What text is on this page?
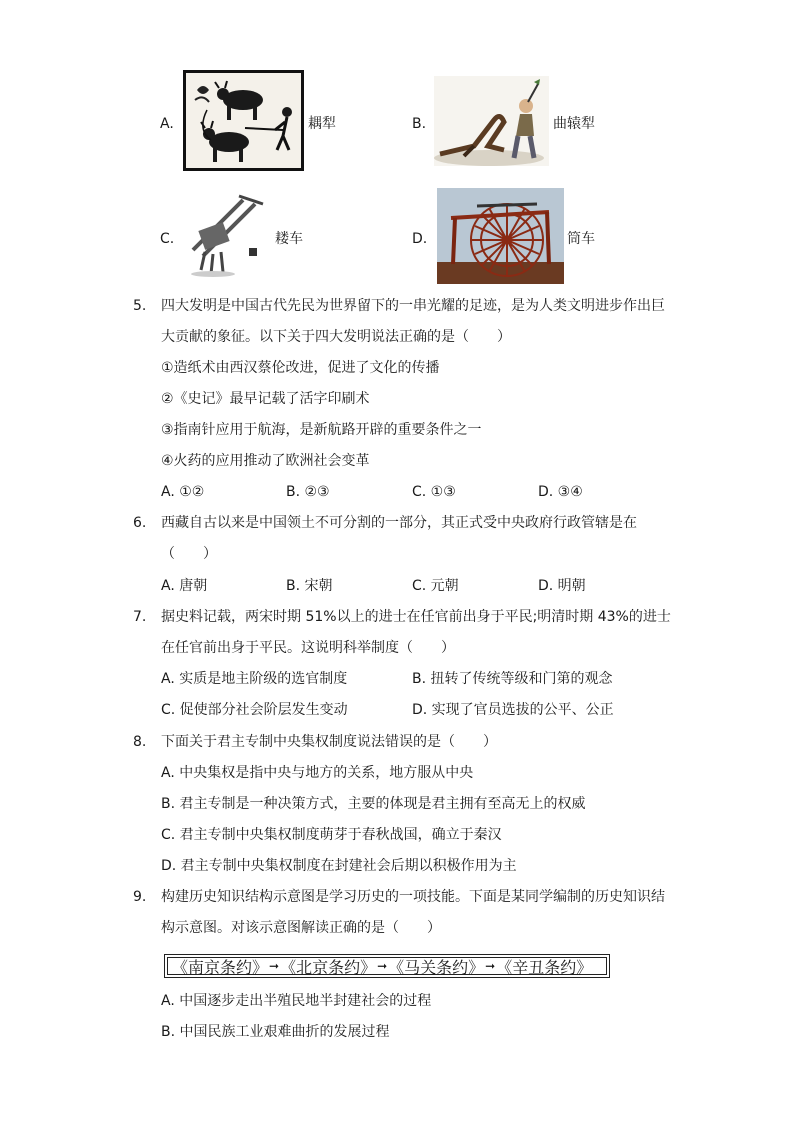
A.	耦犁	B.	曲辕犁
C.	耧车	D.	筒车
5. 四大发明是中国古代先民为世界留下的一串光耀的足迹，是为人类文明进步作出巨
大贡献的象征。以下关于四大发明说法正确的是（　　）
①造纸术由西汉蔡伦改进，促进了文化的传播
②《史记》最早记载了活字印刷术
③指南针应用于航海，是新航路开辟的重要条件之一
④火药的应用推动了欧洲社会变革
A. ①②	B. ②③	C. ①③	D. ③④
6. 西藏自古以来是中国领土不可分割的一部分，其正式受中央政府行政管辖是在
（　　）
A. 唐朝	B. 宋朝	C. 元朝	D. 明朝
7. 据史料记载，两宋时期 51%以上的进士在任官前出身于平民;明清时期 43%的进士
在任官前出身于平民。这说明科举制度（　　）
A. 实质是地主阶级的选官制度	B. 扭转了传统等级和门第的观念
C. 促使部分社会阶层发生变动	D. 实现了官员选拔的公平、公正
8. 下面关于君主专制中央集权制度说法错误的是（　　）
A. 中央集权是指中央与地方的关系，地方服从中央
B. 君主专制是一种决策方式，主要的体现是君主拥有至高无上的权威
C. 君主专制中央集权制度萌芽于春秋战国，确立于秦汉
D. 君主专制中央集权制度在封建社会后期以积极作用为主
9. 构建历史知识结构示意图是学习历史的一项技能。下面是某同学编制的历史知识结
构示意图。对该示意图解读正确的是（　　）
《南京条约》 ➞ 《北京条约》 ➞ 《马关条约》 ➞ 《辛丑条约》
A. 中国逐步走出半殖民地半封建社会的过程
B. 中国民族工业艰难曲折的发展过程
